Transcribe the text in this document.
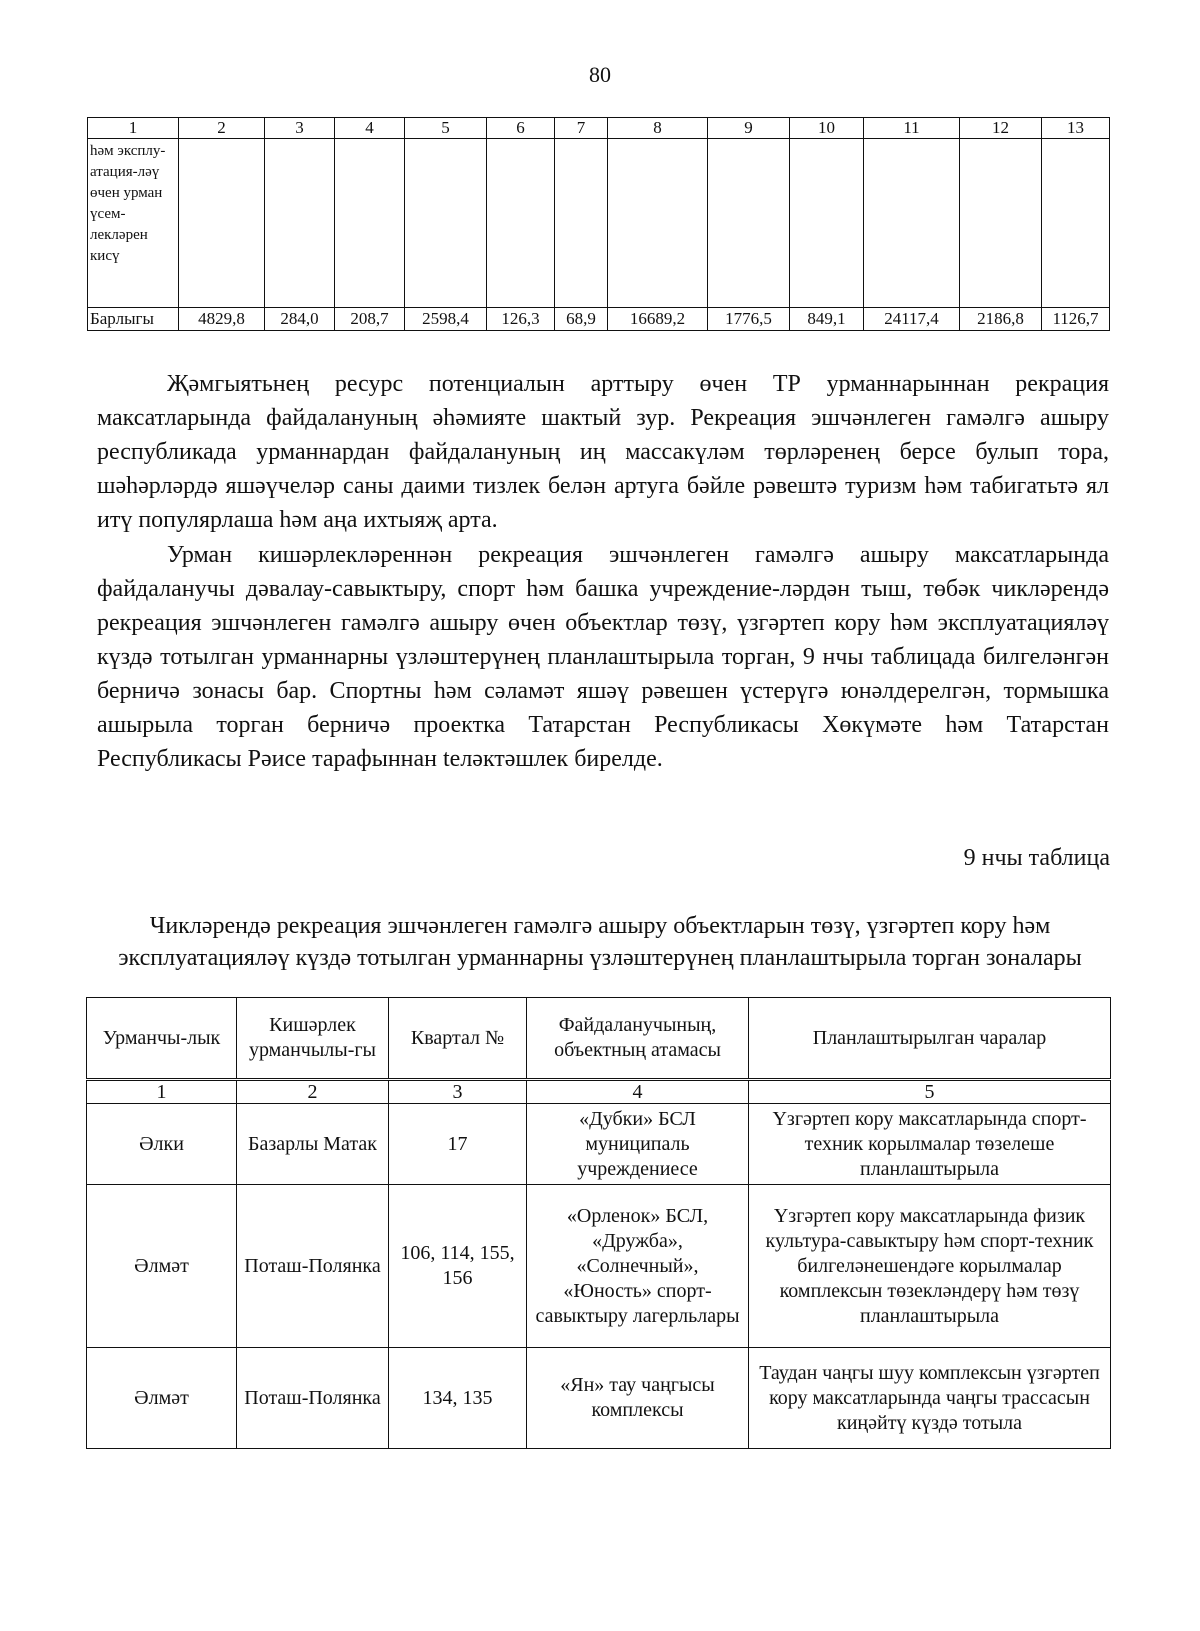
80
1	2	3	4	5	6	7	8	9	10	11	12	13
һәм эксплу-атация-ләү өчен урман үсем-лекләрен кисү												
Барлыгы	4829,8	284,0	208,7	2598,4	126,3	68,9	16689,2	1776,5	849,1	24117,4	2186,8	1126,7

Җәмгыятьнең ресурс потенциалын арттыру өчен ТР урманнарыннан рекрация максатларында файдалануның әһәмияте шактый зур. Рекреация эшчәнлеген гамәлгә ашыру республикада урманнардан файдалануның иң массакүләм төрләренең берсе булып тора, шәһәрләрдә яшәүчеләр саны даими тизлек белән артуга бәйле рәвештә туризм һәм табигатьтә ял итү популярлаша һәм аңа ихтыяҗ арта.

Урман кишәрлекләреннән рекреация эшчәнлеген гамәлгә ашыру максатларында файдаланучы дәвалау-савыктыру, спорт һәм башка учреждение-ләрдән тыш, төбәк чикләрендә рекреация эшчәнлеген гамәлгә ашыру өчен объектлар төзү, үзгәртеп кору һәм эксплуатацияләү күздә тотылган урманнарны үзләштерүнең планлаштырыла торган, 9 нчы таблицада билгеләнгән берничә зонасы бар. Спортны һәм сәламәт яшәү рәвешен үстерүгә юнәлдерелгән, тормышка ашырыла торган берничә проектка Татарстан Республикасы Хөкүмәте һәм Татарстан Республикасы Рәисе тарафыннан teләктәшлек бирелде.

9 нчы таблица
Чикләрендә рекреация эшчәнлеген гамәлгә ашыру объектларын төзү, үзгәртеп кору һәм эксплуатацияләү күздә тотылган урманнарны үзләштерүнең планлаштырыла торган зоналары
Урманчы-лык	Кишәрлек урманчылы-гы	Квартал №	Файдаланучының, объектның атамасы	Планлаштырылган чаралар
1	2	3	4	5
Әлки	Базарлы Матак	17	«Дубки» БСЛ муниципаль учреждениесе	Үзгәртеп кору максатларында спорт- техник корылмалар төзелеше планлаштырыла
Әлмәт	Поташ-Полянка	106, 114, 155, 156	«Орленок» БСЛ, «Дружба», «Солнечный», «Юность» спорт-савыктыру лагерльлары	Үзгәртеп кору максатларында физик культура-савыктыру һәм спорт-техник билгеләнешендәге корылмалар комплексын төзекләндерү һәм төзү планлаштырыла
Әлмәт	Поташ-Полянка	134, 135	«Ян» тау чаңгысы комплексы	Таудан чаңгы шуу комплексын үзгәртеп кору максатларында чаңгы трассасын киңәйтү күздә тотыла
